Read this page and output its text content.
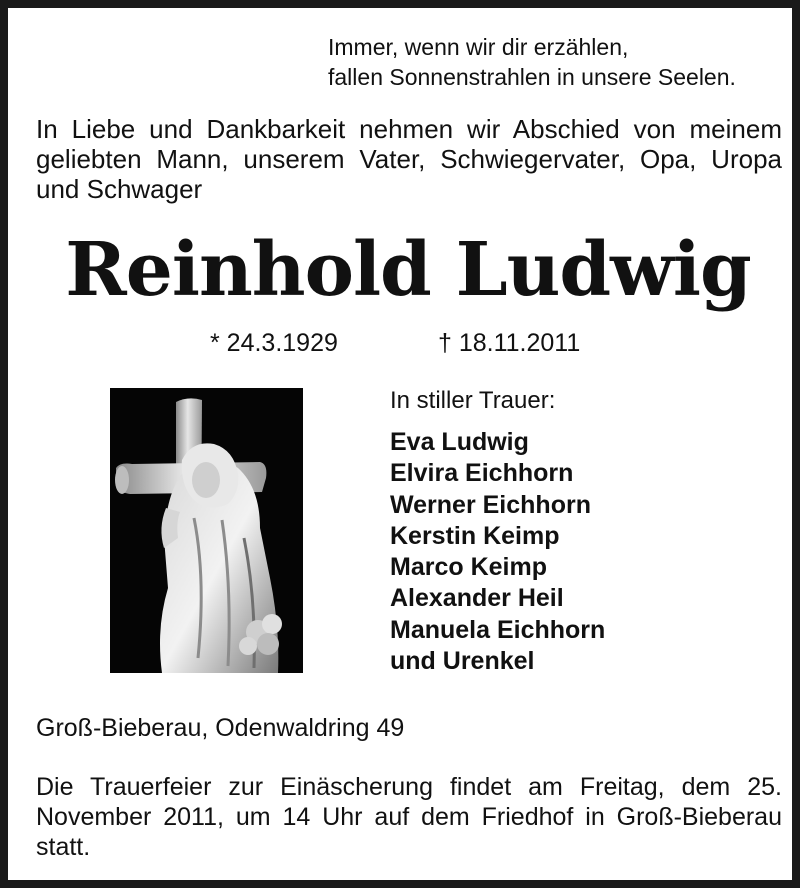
Immer, wenn wir dir erzählen,
fallen Sonnenstrahlen in unsere Seelen.
In Liebe und Dankbarkeit nehmen wir Abschied von meinem geliebten Mann, unserem Vater, Schwiegervater, Opa, Uropa und Schwager
Reinhold Ludwig
* 24.3.1929	† 18.11.2011
In stiller Trauer:
Eva Ludwig
Elvira Eichhorn
Werner Eichhorn
Kerstin Keimp
Marco Keimp
Alexander Heil
Manuela Eichhorn
und Urenkel
Groß-Bieberau, Odenwaldring 49
Die Trauerfeier zur Einäscherung findet am Freitag, dem 25. November 2011, um 14 Uhr auf dem Friedhof in Groß-Bieberau statt.
